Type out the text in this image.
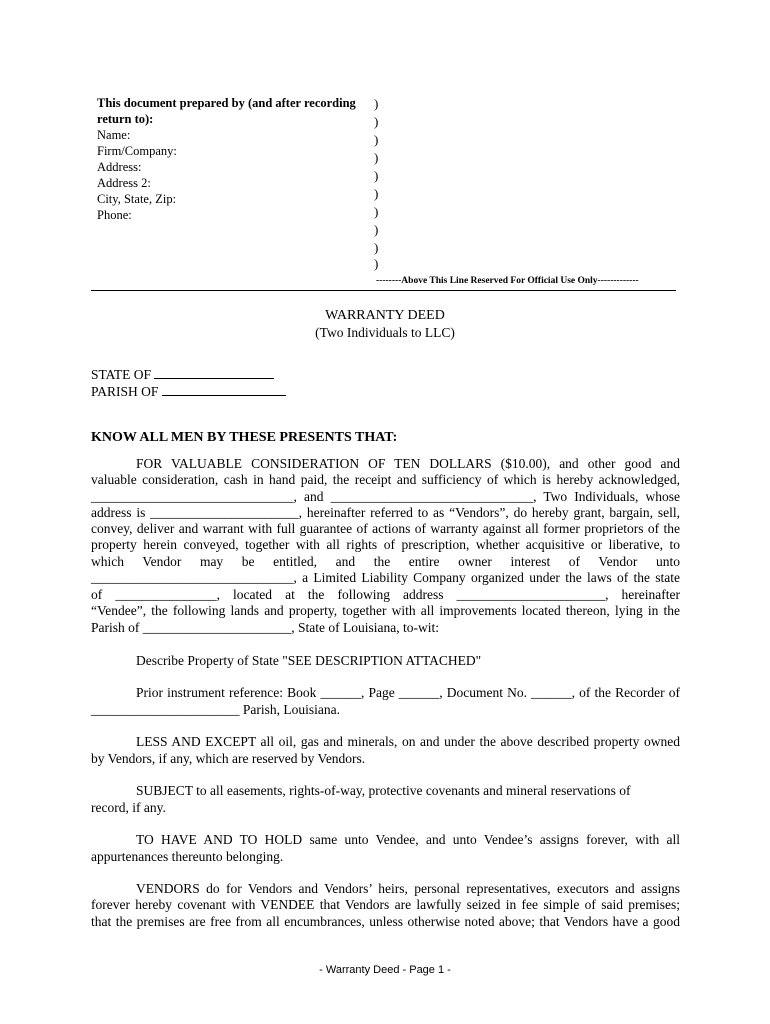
This document prepared by (and after recording
return to):
Name:
Firm/Company:
Address:
Address 2:
City, State, Zip:
Phone:
)
)
)
)
)
)
)
)
)
)
--------Above This Line Reserved For Official Use Only-------------
WARRANTY DEED
(Two Individuals to LLC)
STATE OF
PARISH OF
KNOW ALL MEN BY THESE PRESENTS THAT:
FOR VALUABLE CONSIDERATION OF TEN DOLLARS ($10.00), and other good and
valuable consideration, cash in hand paid, the receipt and sufficiency of which is hereby acknowledged,
______________________________, and ______________________________, Two Individuals, whose
address is ______________________, hereinafter referred to as “Vendors”, do hereby grant, bargain, sell,
convey, deliver and warrant with full guarantee of actions of warranty against all former proprietors of the
property herein conveyed, together with all rights of prescription, whether acquisitive or liberative, to
which Vendor may be entitled, and the entire owner interest of Vendor unto
______________________________, a Limited Liability Company organized under the laws of the state
of _______________, located at the following address ______________________, hereinafter
“Vendee”, the following lands and property, together with all improvements located thereon, lying in the
Parish of ______________________, State of Louisiana, to-wit:
Describe Property of State "SEE DESCRIPTION ATTACHED"
Prior instrument reference: Book ______, Page ______, Document No. ______, of the Recorder of
______________________ Parish, Louisiana.
LESS AND EXCEPT all oil, gas and minerals, on and under the above described property owned
by Vendors, if any, which are reserved by Vendors.
SUBJECT to all easements, rights-of-way, protective covenants and mineral reservations of
record, if any.
TO HAVE AND TO HOLD same unto Vendee, and unto Vendee’s assigns forever, with all
appurtenances thereunto belonging.
VENDORS do for Vendors and Vendors’ heirs, personal representatives, executors and assigns
forever hereby covenant with VENDEE that Vendors are lawfully seized in fee simple of said premises;
that the premises are free from all encumbrances, unless otherwise noted above; that Vendors have a good
- Warranty Deed - Page 1 -
